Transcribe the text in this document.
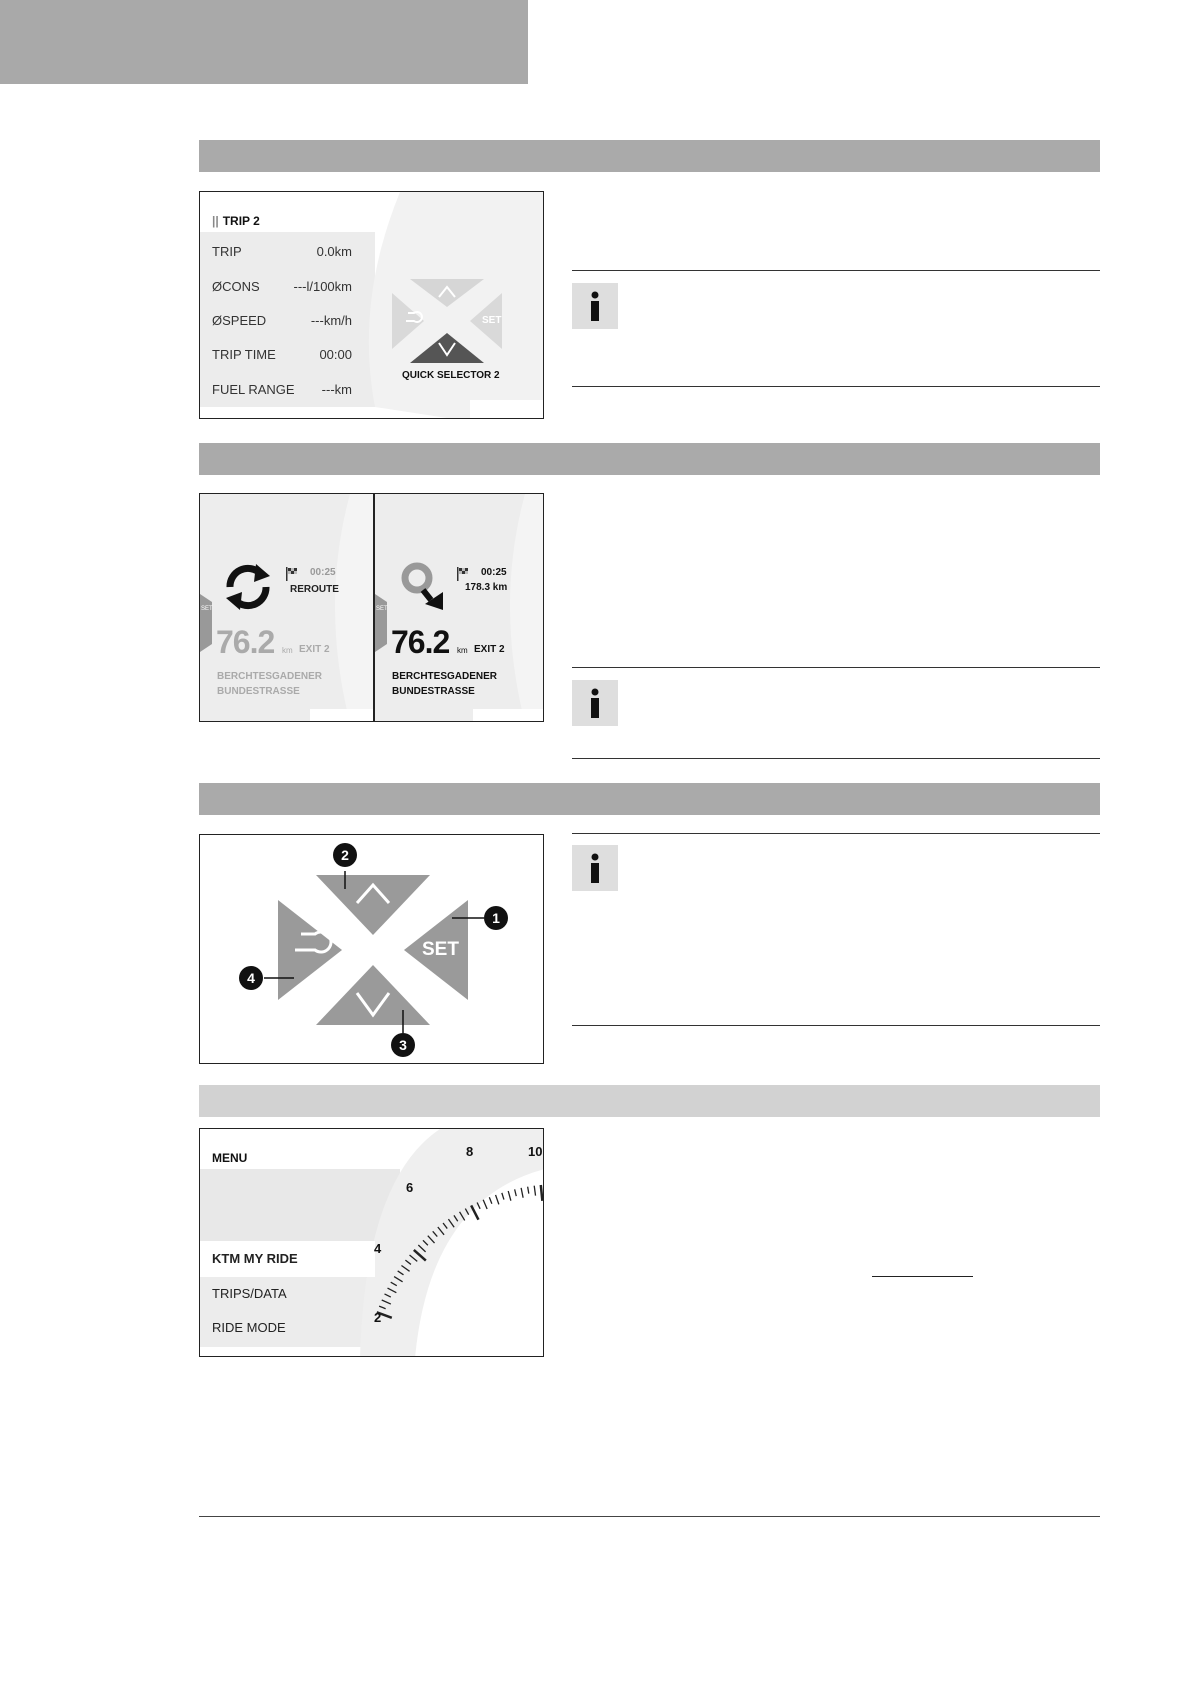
|| TRIP 2
TRIP	0.0km
ØCONS	---l/100km
ØSPEED	---km/h
TRIP TIME	00:00
FUEL RANGE ---km
SET
QUICK SELECTOR 2
SET
00:25
REROUTE
76.2 km EXIT 2
BERCHTESGADENER
BUNDESTRASSE
SET
00:25
178.3 km
76.2 km EXIT 2
BERCHTESGADENER
BUNDESTRASSE
SET
1
2
3
4
MENU
KTM MY RIDE
TRIPS/DATA
RIDE MODE
2
4
6
8	10
